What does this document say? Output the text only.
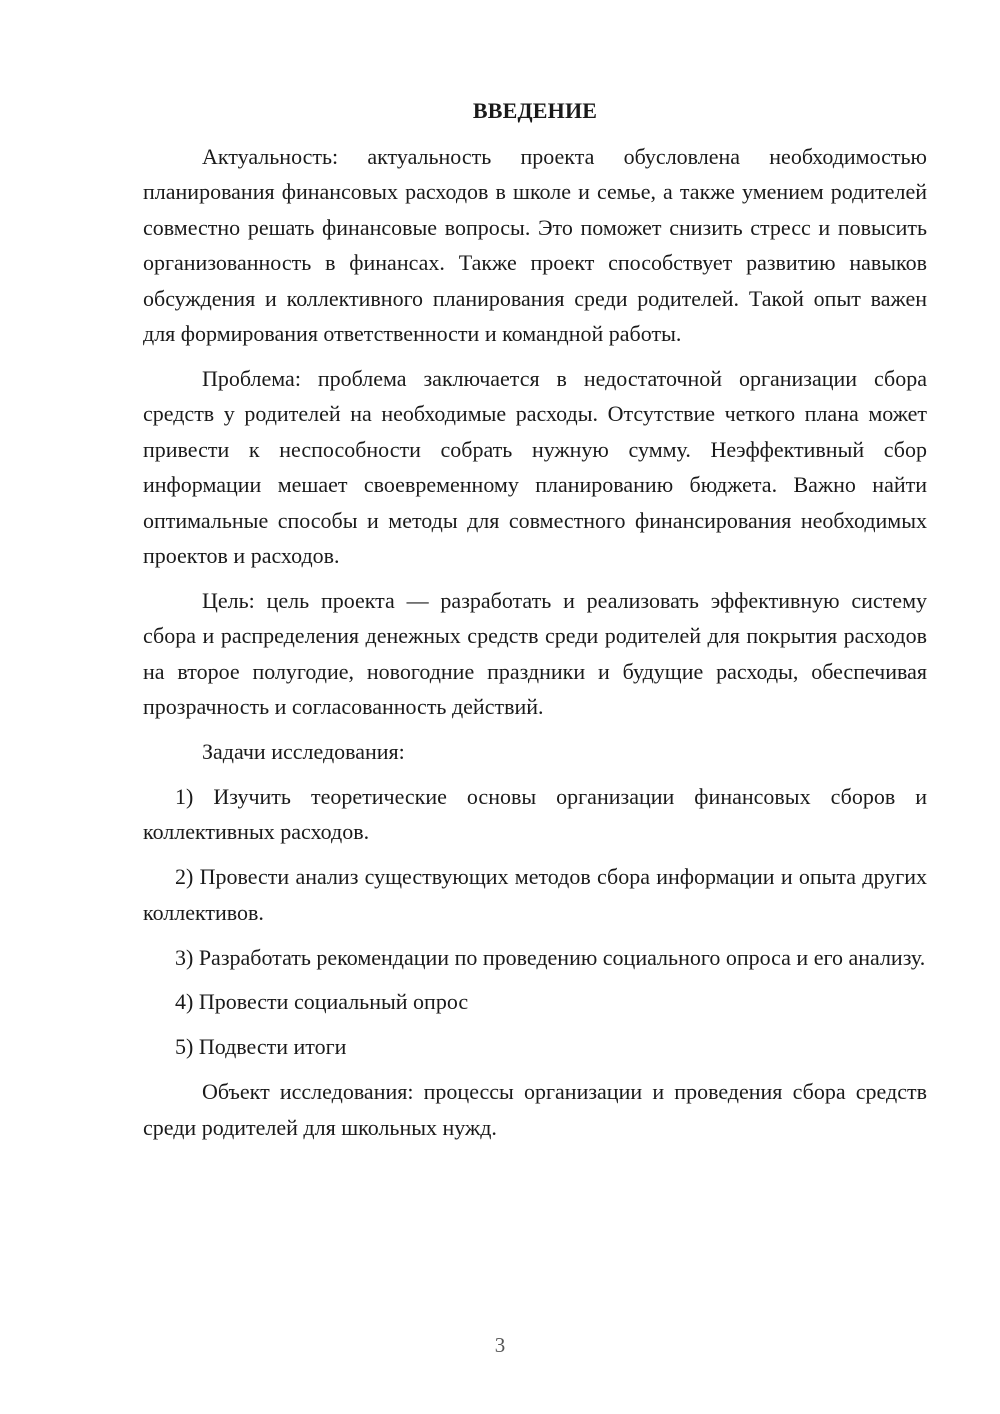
ВВЕДЕНИЕ

Актуальность: актуальность проекта обусловлена необходимостью планирования финансовых расходов в школе и семье, а также умением родителей совместно решать финансовые вопросы. Это поможет снизить стресс и повысить организованность в финансах. Также проект способствует развитию навыков обсуждения и коллективного планирования среди родителей. Такой опыт важен для формирования ответственности и командной работы.

Проблема: проблема заключается в недостаточной организации сбора средств у родителей на необходимые расходы. Отсутствие четкого плана может привести к неспособности собрать нужную сумму. Неэффективный сбор информации мешает своевременному планированию бюджета. Важно найти оптимальные способы и методы для совместного финансирования необходимых проектов и расходов.

Цель: цель проекта — разработать и реализовать эффективную систему сбора и распределения денежных средств среди родителей для покрытия расходов на второе полугодие, новогодние праздники и будущие расходы, обеспечивая прозрачность и согласованность действий.

Задачи исследования:

1) Изучить теоретические основы организации финансовых сборов и коллективных расходов.

2) Провести анализ существующих методов сбора информации и опыта других коллективов.

3) Разработать рекомендации по проведению социального опроса и его анализу.

4) Провести социальный опрос

5) Подвести итоги

Объект исследования: процессы организации и проведения сбора средств среди родителей для школьных нужд.

3
